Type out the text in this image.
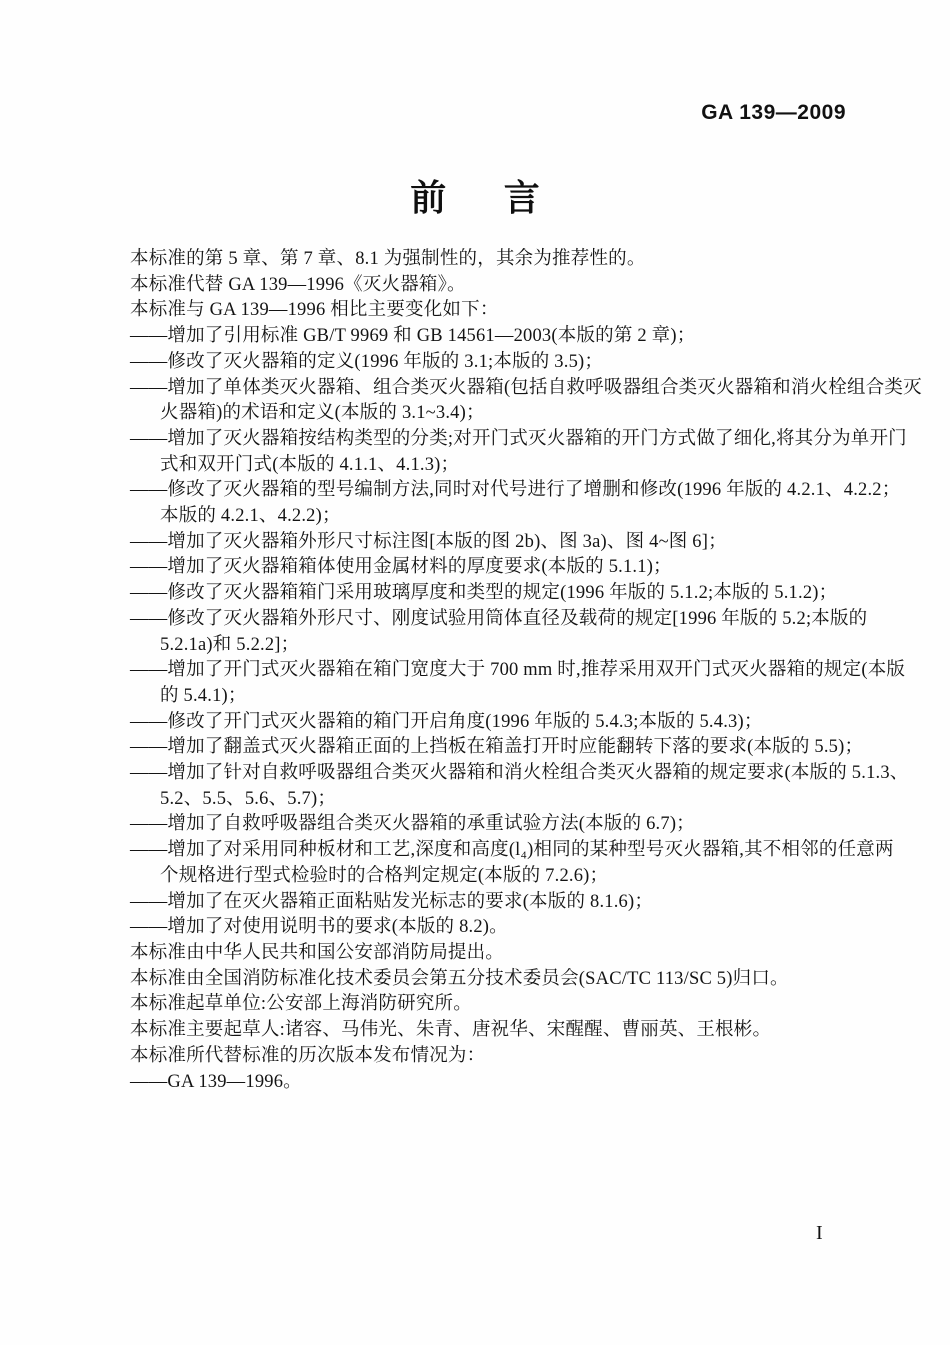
GA 139—2009
前言
本标准的第 5 章、第 7 章、8.1 为强制性的，其余为推荐性的。
本标准代替 GA 139—1996《灭火器箱》。
本标准与 GA 139—1996 相比主要变化如下：
——增加了引用标准 GB/T 9969 和 GB 14561—2003(本版的第 2 章)；
——修改了灭火器箱的定义(1996 年版的 3.1;本版的 3.5)；
——增加了单体类灭火器箱、组合类灭火器箱(包括自救呼吸器组合类灭火器箱和消火栓组合类灭
火器箱)的术语和定义(本版的 3.1~3.4)；
——增加了灭火器箱按结构类型的分类;对开门式灭火器箱的开门方式做了细化,将其分为单开门
式和双开门式(本版的 4.1.1、4.1.3)；
——修改了灭火器箱的型号编制方法,同时对代号进行了增删和修改(1996 年版的 4.2.1、4.2.2；
本版的 4.2.1、4.2.2)；
——增加了灭火器箱外形尺寸标注图[本版的图 2b)、图 3a)、图 4~图 6]；
——增加了灭火器箱箱体使用金属材料的厚度要求(本版的 5.1.1)；
——修改了灭火器箱箱门采用玻璃厚度和类型的规定(1996 年版的 5.1.2;本版的 5.1.2)；
——修改了灭火器箱外形尺寸、刚度试验用筒体直径及载荷的规定[1996 年版的 5.2;本版的
5.2.1a)和 5.2.2]；
——增加了开门式灭火器箱在箱门宽度大于 700 mm 时,推荐采用双开门式灭火器箱的规定(本版
的 5.4.1)；
——修改了开门式灭火器箱的箱门开启角度(1996 年版的 5.4.3;本版的 5.4.3)；
——增加了翻盖式灭火器箱正面的上挡板在箱盖打开时应能翻转下落的要求(本版的 5.5)；
——增加了针对自救呼吸器组合类灭火器箱和消火栓组合类灭火器箱的规定要求(本版的 5.1.3、
5.2、5.5、5.6、5.7)；
——增加了自救呼吸器组合类灭火器箱的承重试验方法(本版的 6.7)；
——增加了对采用同种板材和工艺,深度和高度(l₄)相同的某种型号灭火器箱,其不相邻的任意两
个规格进行型式检验时的合格判定规定(本版的 7.2.6)；
——增加了在灭火器箱正面粘贴发光标志的要求(本版的 8.1.6)；
——增加了对使用说明书的要求(本版的 8.2)。
本标准由中华人民共和国公安部消防局提出。
本标准由全国消防标准化技术委员会第五分技术委员会(SAC/TC 113/SC 5)归口。
本标准起草单位:公安部上海消防研究所。
本标准主要起草人:诸容、马伟光、朱青、唐祝华、宋醒醒、曹丽英、王根彬。
本标准所代替标准的历次版本发布情况为：
——GA 139—1996。
I
